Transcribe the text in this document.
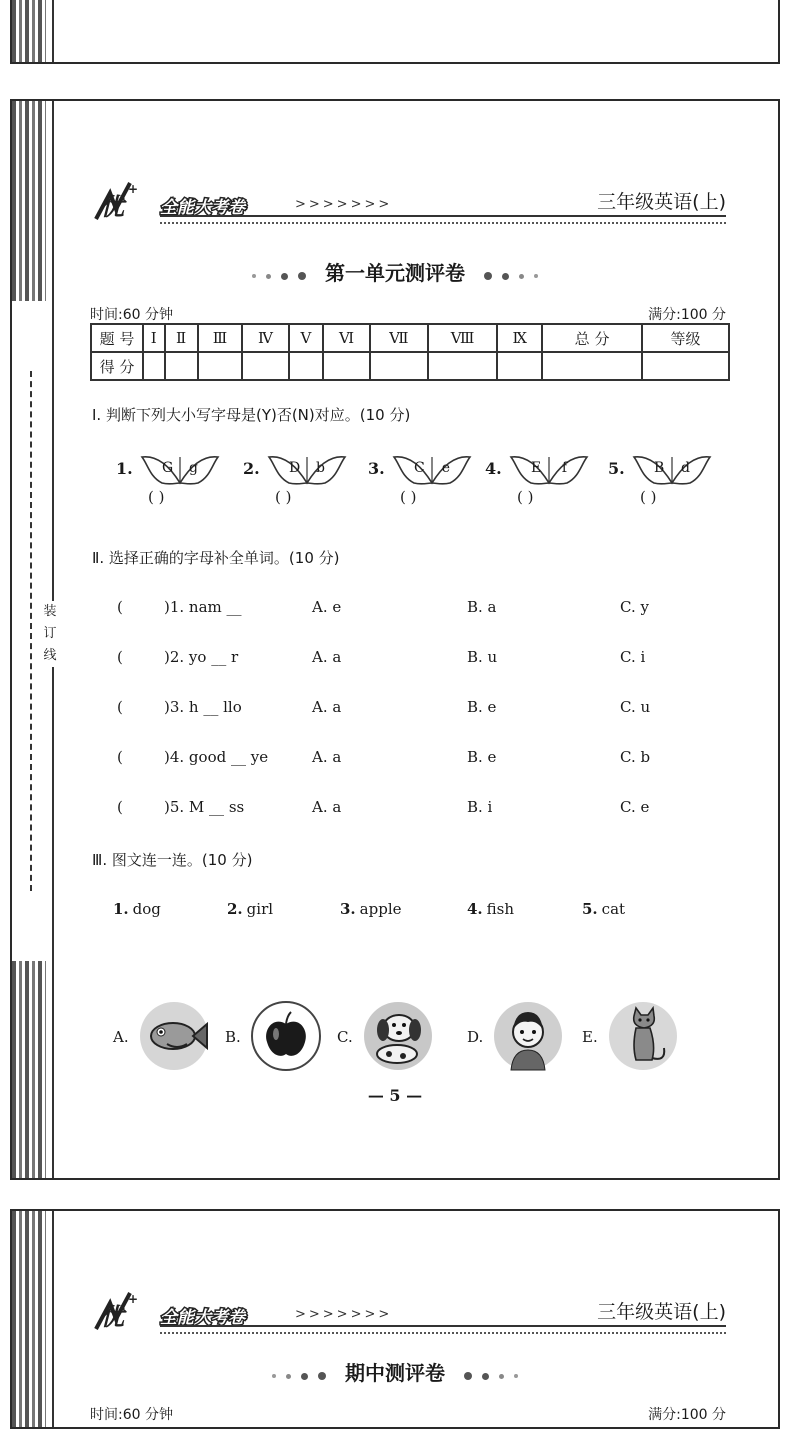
装订线
优
+
全能大考卷	>>>>>>>	三年级英语(上)
第一单元测评卷
时间:60 分钟	满分:100 分
题 号	Ⅰ	Ⅱ	Ⅲ	Ⅳ	Ⅴ	Ⅵ	Ⅶ	Ⅷ	Ⅸ	总 分	等级
得 分											
Ⅰ. 判断下列大小写字母是(Y)否(N)对应。(10 分)
1. G g
( )
2. D b
( )
3. C e
( )
4. E f
( )
5. B d
( )
Ⅱ. 选择正确的字母补全单词。(10 分)
(	)1. nam __	A. e	B. a	C. y
(	)2. yo __ r	A. a	B. u	C. i
(	)3. h __ llo	A. a	B. e	C. u
(	)4. good __ ye	A. a	B. e	C. b
(	)5. M __ ss	A. a	B. i	C. e
Ⅲ. 图文连一连。(10 分)
1. dog	2. girl	3. apple	4. fish	5. cat
A.	B.	C.	D.	E.
— 5 —
优
+
全能大考卷	>>>>>>>	三年级英语(上)
期中测评卷
时间:60 分钟	满分:100 分
